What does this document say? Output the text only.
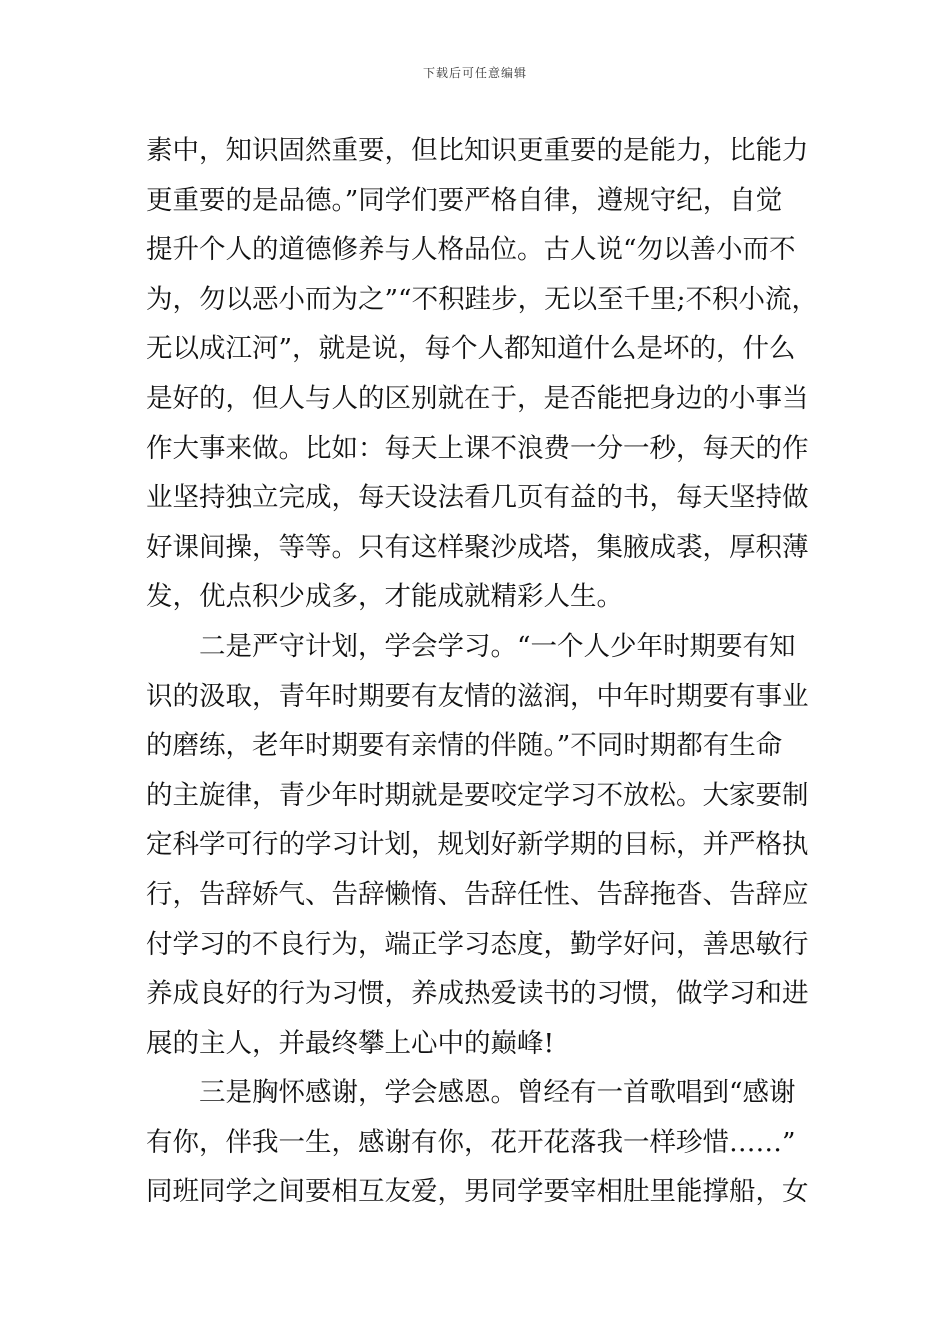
下载后可任意编辑
素中，知识固然重要，但比知识更重要的是能力，比能力
更重要的是品德。”同学们要严格自律，遵规守纪，自觉
提升个人的道德修养与人格品位。古人说“勿以善小而不
为，勿以恶小而为之”“不积跬步，无以至千里;不积小流，
无以成江河”，就是说，每个人都知道什么是坏的，什么
是好的，但人与人的区别就在于，是否能把身边的小事当
作大事来做。比如：每天上课不浪费一分一秒，每天的作
业坚持独立完成，每天设法看几页有益的书，每天坚持做
好课间操，等等。只有这样聚沙成塔，集腋成裘，厚积薄
发，优点积少成多，才能成就精彩人生。
二是严守计划，学会学习。“一个人少年时期要有知
识的汲取，青年时期要有友情的滋润，中年时期要有事业
的磨练，老年时期要有亲情的伴随。”不同时期都有生命
的主旋律，青少年时期就是要咬定学习不放松。大家要制
定科学可行的学习计划，规划好新学期的目标，并严格执
行，告辞娇气、告辞懒惰、告辞任性、告辞拖沓、告辞应
付学习的不良行为，端正学习态度，勤学好问，善思敏行
养成良好的行为习惯，养成热爱读书的习惯，做学习和进
展的主人，并最终攀上心中的巅峰!
三是胸怀感谢，学会感恩。曾经有一首歌唱到“感谢
有你，伴我一生，感谢有你，花开花落我一样珍惜……”
同班同学之间要相互友爱，男同学要宰相肚里能撑船，女
